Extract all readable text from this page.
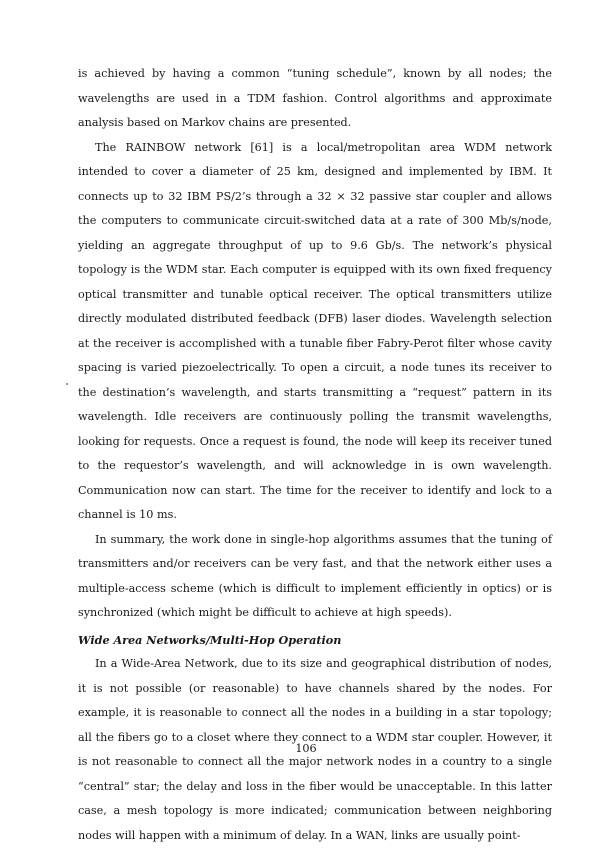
is achieved by having a common “tuning schedule”, known by all nodes; the wavelengths are used in a TDM fashion. Control algorithms and approximate analysis based on Markov chains are presented.

The RAINBOW network [61] is a local/metropolitan area WDM network intended to cover a diameter of 25 km, designed and implemented by IBM. It connects up to 32 IBM PS/2’s through a 32 × 32 passive star coupler and allows the computers to communicate circuit-switched data at a rate of 300 Mb/s/node, yielding an aggregate throughput of up to 9.6 Gb/s. The network’s physical topology is the WDM star. Each computer is equipped with its own fixed frequency optical transmitter and tunable optical receiver. The optical transmitters utilize directly modulated distributed feedback (DFB) laser diodes. Wavelength selection at the receiver is accomplished with a tunable fiber Fabry-Perot filter whose cavity spacing is varied piezoelectrically. To open a circuit, a node tunes its receiver to the destination’s wavelength, and starts transmitting a “request” pattern in its wavelength. Idle receivers are continuously polling the transmit wavelengths, looking for requests. Once a request is found, the node will keep its receiver tuned to the requestor’s wavelength, and will acknowledge in is own wavelength. Communication now can start. The time for the receiver to identify and lock to a channel is 10 ms.

In summary, the work done in single-hop algorithms assumes that the tuning of transmitters and/or receivers can be very fast, and that the network either uses a multiple-access scheme (which is difficult to implement efficiently in optics) or is synchronized (which might be difficult to achieve at high speeds).

Wide Area Networks/Multi-Hop Operation

In a Wide-Area Network, due to its size and geographical distribution of nodes, it is not possible (or reasonable) to have channels shared by the nodes. For example, it is reasonable to connect all the nodes in a building in a star topology; all the fibers go to a closet where they connect to a WDM star coupler. However, it is not reasonable to connect all the major network nodes in a country to a single “central” star; the delay and loss in the fiber would be unacceptable. In this latter case, a mesh topology is more indicated; communication between neighboring nodes will happen with a minimum of delay. In a WAN, links are usually point-

106
